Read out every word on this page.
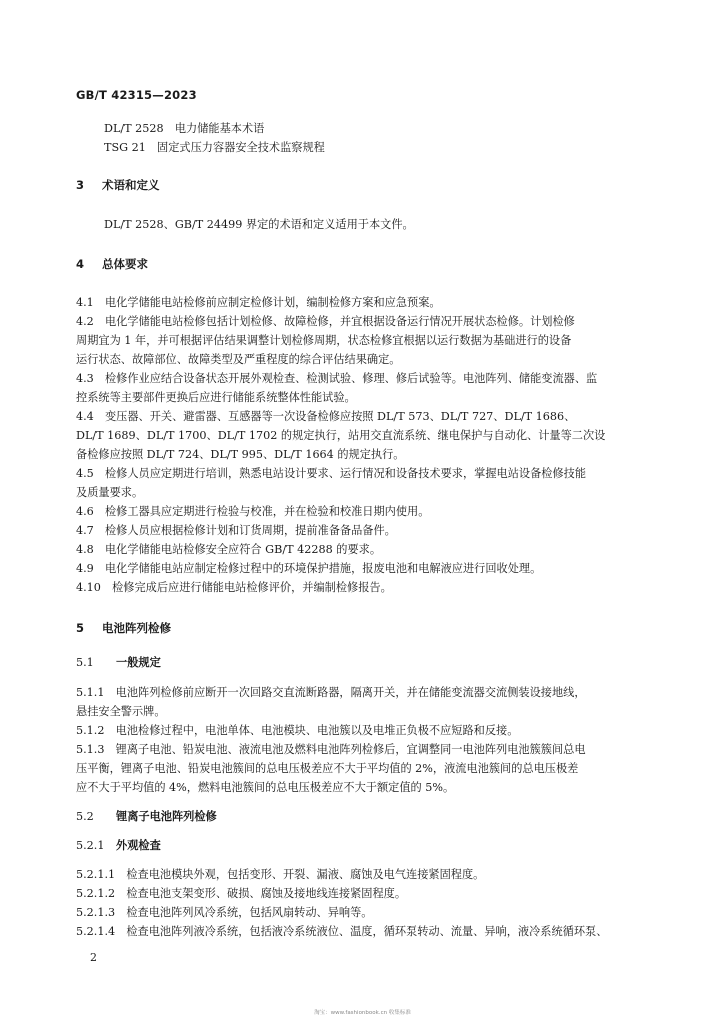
GB/T 42315—2023
DL/T 2528　电力储能基本术语
TSG 21　固定式压力容器安全技术监察规程
3 术语和定义
DL/T 2528、GB/T 24499 界定的术语和定义适用于本文件。
4 总体要求
4.1　电化学储能电站检修前应制定检修计划，编制检修方案和应急预案。
4.2　电化学储能电站检修包括计划检修、故障检修，并宜根据设备运行情况开展状态检修。计划检修
周期宜为 1 年，并可根据评估结果调整计划检修周期，状态检修宜根据以运行数据为基础进行的设备
运行状态、故障部位、故障类型及严重程度的综合评估结果确定。
4.3　检修作业应结合设备状态开展外观检查、检测试验、修理、修后试验等。电池阵列、储能变流器、监
控系统等主要部件更换后应进行储能系统整体性能试验。
4.4　变压器、开关、避雷器、互感器等一次设备检修应按照 DL/T 573、DL/T 727、DL/T 1686、
DL/T 1689、DL/T 1700、DL/T 1702 的规定执行，站用交直流系统、继电保护与自动化、计量等二次设
备检修应按照 DL/T 724、DL/T 995、DL/T 1664 的规定执行。
4.5　检修人员应定期进行培训，熟悉电站设计要求、运行情况和设备技术要求，掌握电站设备检修技能
及质量要求。
4.6　检修工器具应定期进行检验与校准，并在检验和校准日期内使用。
4.7　检修人员应根据检修计划和订货周期，提前准备备品备件。
4.8　电化学储能电站检修安全应符合 GB/T 42288 的要求。
4.9　电化学储能电站应制定检修过程中的环境保护措施，报废电池和电解液应进行回收处理。
4.10　检修完成后应进行储能电站检修评价，并编制检修报告。
5 电池阵列检修
5.1 一般规定
5.1.1　电池阵列检修前应断开一次回路交直流断路器，隔离开关，并在储能变流器交流侧装设接地线，
悬挂安全警示牌。
5.1.2　电池检修过程中，电池单体、电池模块、电池簇以及电堆正负极不应短路和反接。
5.1.3　锂离子电池、铅炭电池、液流电池及燃料电池阵列检修后，宜调整同一电池阵列电池簇簇间总电
压平衡，锂离子电池、铅炭电池簇间的总电压极差应不大于平均值的 2%，液流电池簇间的总电压极差
应不大于平均值的 4%，燃料电池簇间的总电压极差应不大于额定值的 5%。
5.2 锂离子电池阵列检修
5.2.1 外观检查
5.2.1.1　检查电池模块外观，包括变形、开裂、漏液、腐蚀及电气连接紧固程度。
5.2.1.2　检查电池支架变形、破损、腐蚀及接地线连接紧固程度。
5.2.1.3　检查电池阵列风冷系统，包括风扇转动、异响等。
5.2.1.4　检查电池阵列液冷系统，包括液冷系统液位、温度，循环泵转动、流量、异响，液冷系统循环泵、
2
淘宝：www.fashionbook.cn 收集标准
